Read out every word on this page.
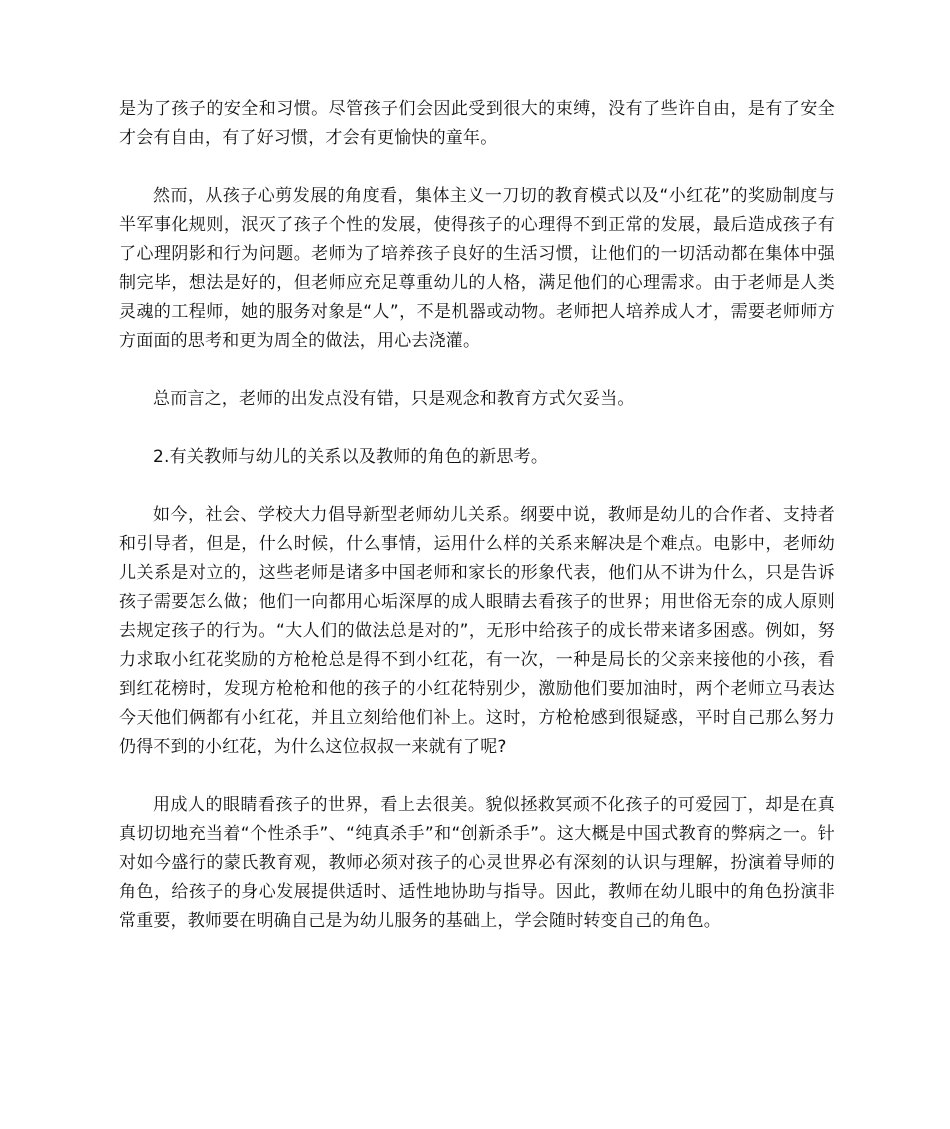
是为了孩子的安全和习惯。尽管孩子们会因此受到很大的束缚，没有了些许自由，是有了安全才会有自由，有了好习惯，才会有更愉快的童年。

然而，从孩子心剪发展的角度看，集体主义一刀切的教育模式以及“小红花”的奖励制度与半军事化规则，泯灭了孩子个性的发展，使得孩子的心理得不到正常的发展，最后造成孩子有了心理阴影和行为问题。老师为了培养孩子良好的生活习惯，让他们的一切活动都在集体中强制完毕，想法是好的，但老师应充足尊重幼儿的人格，满足他们的心理需求。由于老师是人类灵魂的工程师，她的服务对象是“人”，不是机器或动物。老师把人培养成人才，需要老师师方方面面的思考和更为周全的做法，用心去浇灌。

总而言之，老师的出发点没有错，只是观念和教育方式欠妥当。

2.有关教师与幼儿的关系以及教师的角色的新思考。

如今，社会、学校大力倡导新型老师幼儿关系。纲要中说，教师是幼儿的合作者、支持者和引导者，但是，什么时候，什么事情，运用什么样的关系来解决是个难点。电影中，老师幼儿关系是对立的，这些老师是诸多中国老师和家长的形象代表，他们从不讲为什么，只是告诉孩子需要怎么做；他们一向都用心垢深厚的成人眼睛去看孩子的世界；用世俗无奈的成人原则去规定孩子的行为。“大人们的做法总是对的”，无形中给孩子的成长带来诸多困惑。例如，努力求取小红花奖励的方枪枪总是得不到小红花，有一次，一种是局长的父亲来接他的小孩，看到红花榜时，发现方枪枪和他的孩子的小红花特别少，激励他们要加油时，两个老师立马表达今天他们俩都有小红花，并且立刻给他们补上。这时，方枪枪感到很疑惑，平时自己那么努力仍得不到的小红花，为什么这位叔叔一来就有了呢?

用成人的眼睛看孩子的世界，看上去很美。貌似拯救冥顽不化孩子的可爱园丁，却是在真真切切地充当着“个性杀手”、“纯真杀手”和“创新杀手”。这大概是中国式教育的弊病之一。针对如今盛行的蒙氏教育观，教师必须对孩子的心灵世界必有深刻的认识与理解，扮演着导师的角色，给孩子的身心发展提供适时、适性地协助与指导。因此，教师在幼儿眼中的角色扮演非常重要，教师要在明确自己是为幼儿服务的基础上，学会随时转变自己的角色。
